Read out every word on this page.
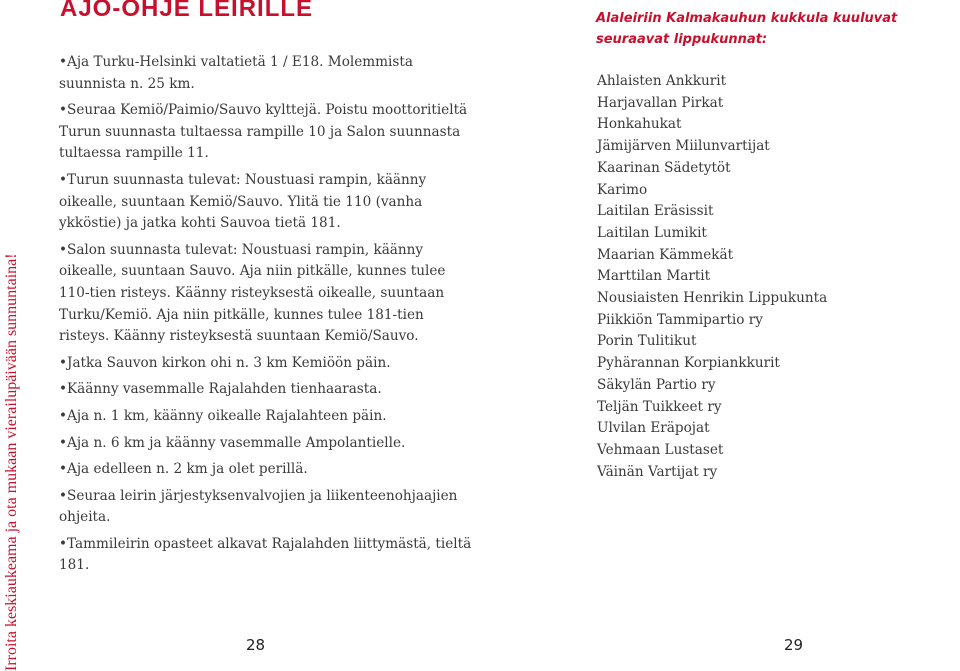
Irroita keskiaukeama ja ota mukaan vierailupäivään sunnuntaina!
AJO-OHJE LEIRILLE

•Aja Turku-Helsinki valtatietä 1 / E18. Molemmista suunnista n. 25 km.

•Seuraa Kemiö/Paimio/Sauvo kylttejä. Poistu moottoritieltä Turun suunnasta tultaessa rampille 10 ja Salon suunnasta tultaessa rampille 11.

•Turun suunnasta tulevat: Noustuasi rampin, käänny oikealle, suuntaan Kemiö/Sauvo. Ylitä tie 110 (vanha ykköstie) ja jatka kohti Sauvoa tietä 181.

•Salon suunnasta tulevat: Noustuasi rampin, käänny oikealle, suuntaan Sauvo. Aja niin pitkälle, kunnes tulee 110-tien risteys. Käänny risteyksestä oikealle, suuntaan Turku/Kemiö. Aja niin pitkälle, kunnes tulee 181-tien risteys. Käänny risteyksestä suuntaan Kemiö/Sauvo.

•Jatka Sauvon kirkon ohi n. 3 km Kemiöön päin.

•Käänny vasemmalle Rajalahden tienhaarasta.

•Aja n. 1 km, käänny oikealle Rajalahteen päin.

•Aja n. 6 km ja käänny vasemmalle Ampolantielle.

•Aja edelleen n. 2 km ja olet perillä.

•Seuraa leirin järjestyksenvalvojien ja liikenteenohjaajien ohjeita.

•Tammileirin opasteet alkavat Rajalahden liittymästä, tieltä 181.

28
Alaleiriin Kalmakauhun kukkula kuuluvat seuraavat lippukunnat:
Ahlaisten Ankkurit
Harjavallan Pirkat
Honkahukat
Jämijärven Miilunvartijat
Kaarinan Sädetytöt
Karimo
Laitilan Eräsissit
Laitilan Lumikit
Maarian Kämmekät
Marttilan Martit
Nousiaisten Henrikin Lippukunta
Piikkiön Tammipartio ry
Porin Tulitikut
Pyhärannan Korpiankkurit
Säkylän Partio ry
Teljän Tuikkeet ry
Ulvilan Eräpojat
Vehmaan Lustaset
Väinän Vartijat ry
29
